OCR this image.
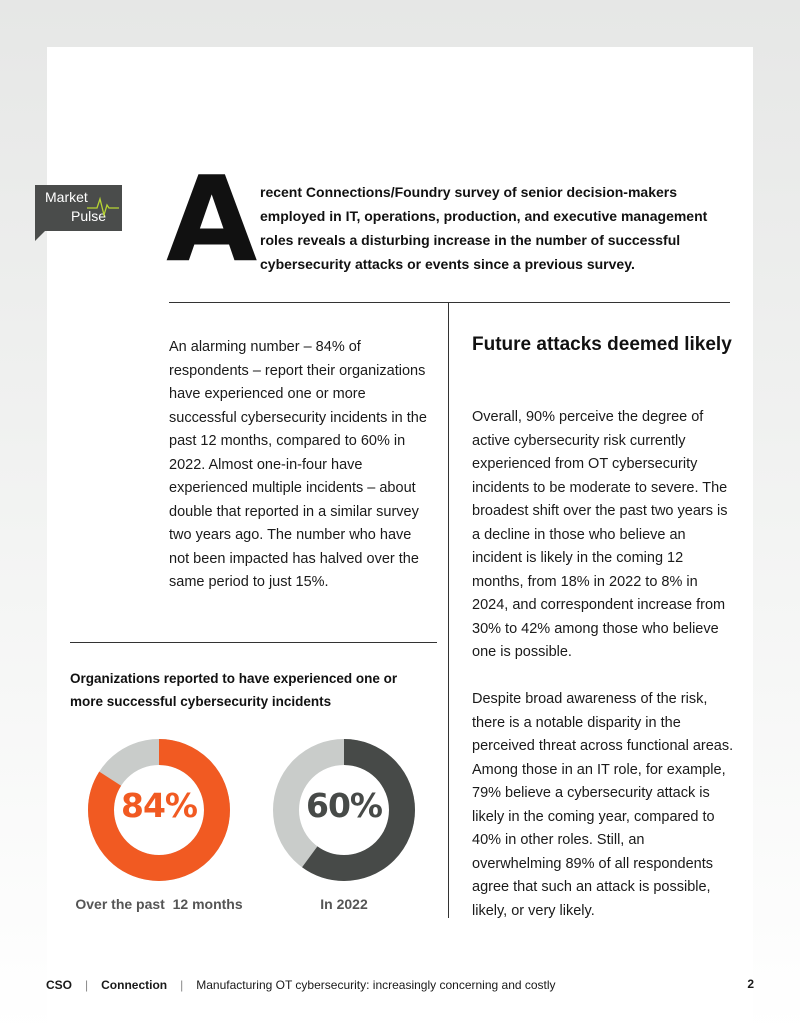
Market
Pulse A recent Connections/Foundry survey of senior decision-makers employed in IT, operations, production, and executive management roles reveals a disturbing increase in the number of successful cybersecurity attacks or events since a previous survey.
An alarming number – 84% of respondents – report their organizations have experienced one or more successful cybersecurity incidents in the past 12 months, compared to 60% in 2022. Almost one-in-four have experienced multiple incidents – about double that reported in a similar survey two years ago. The number who have not been impacted has halved over the same period to just 15%.
Organizations reported to have experienced one or more successful cybersecurity incidents
84%	60%
Over the past  12 months	In 2022
Future attacks deemed likely

Overall, 90% perceive the degree of active cybersecurity risk currently experienced from OT cybersecurity incidents to be moderate to severe. The broadest shift over the past two years is a decline in those who believe an incident is likely in the coming 12 months, from 18% in 2022 to 8% in 2024, and correspondent increase from 30% to 42% among those who believe one is possible.

Despite broad awareness of the risk, there is a notable disparity in the perceived threat across functional areas. Among those in an IT role, for example, 79% believe a cybersecurity attack is likely in the coming year, compared to 40% in other roles. Still, an overwhelming 89% of all respondents agree that such an attack is possible, likely, or very likely.

CSO | Connection | Manufacturing OT cybersecurity: increasingly concerning and costly	2
